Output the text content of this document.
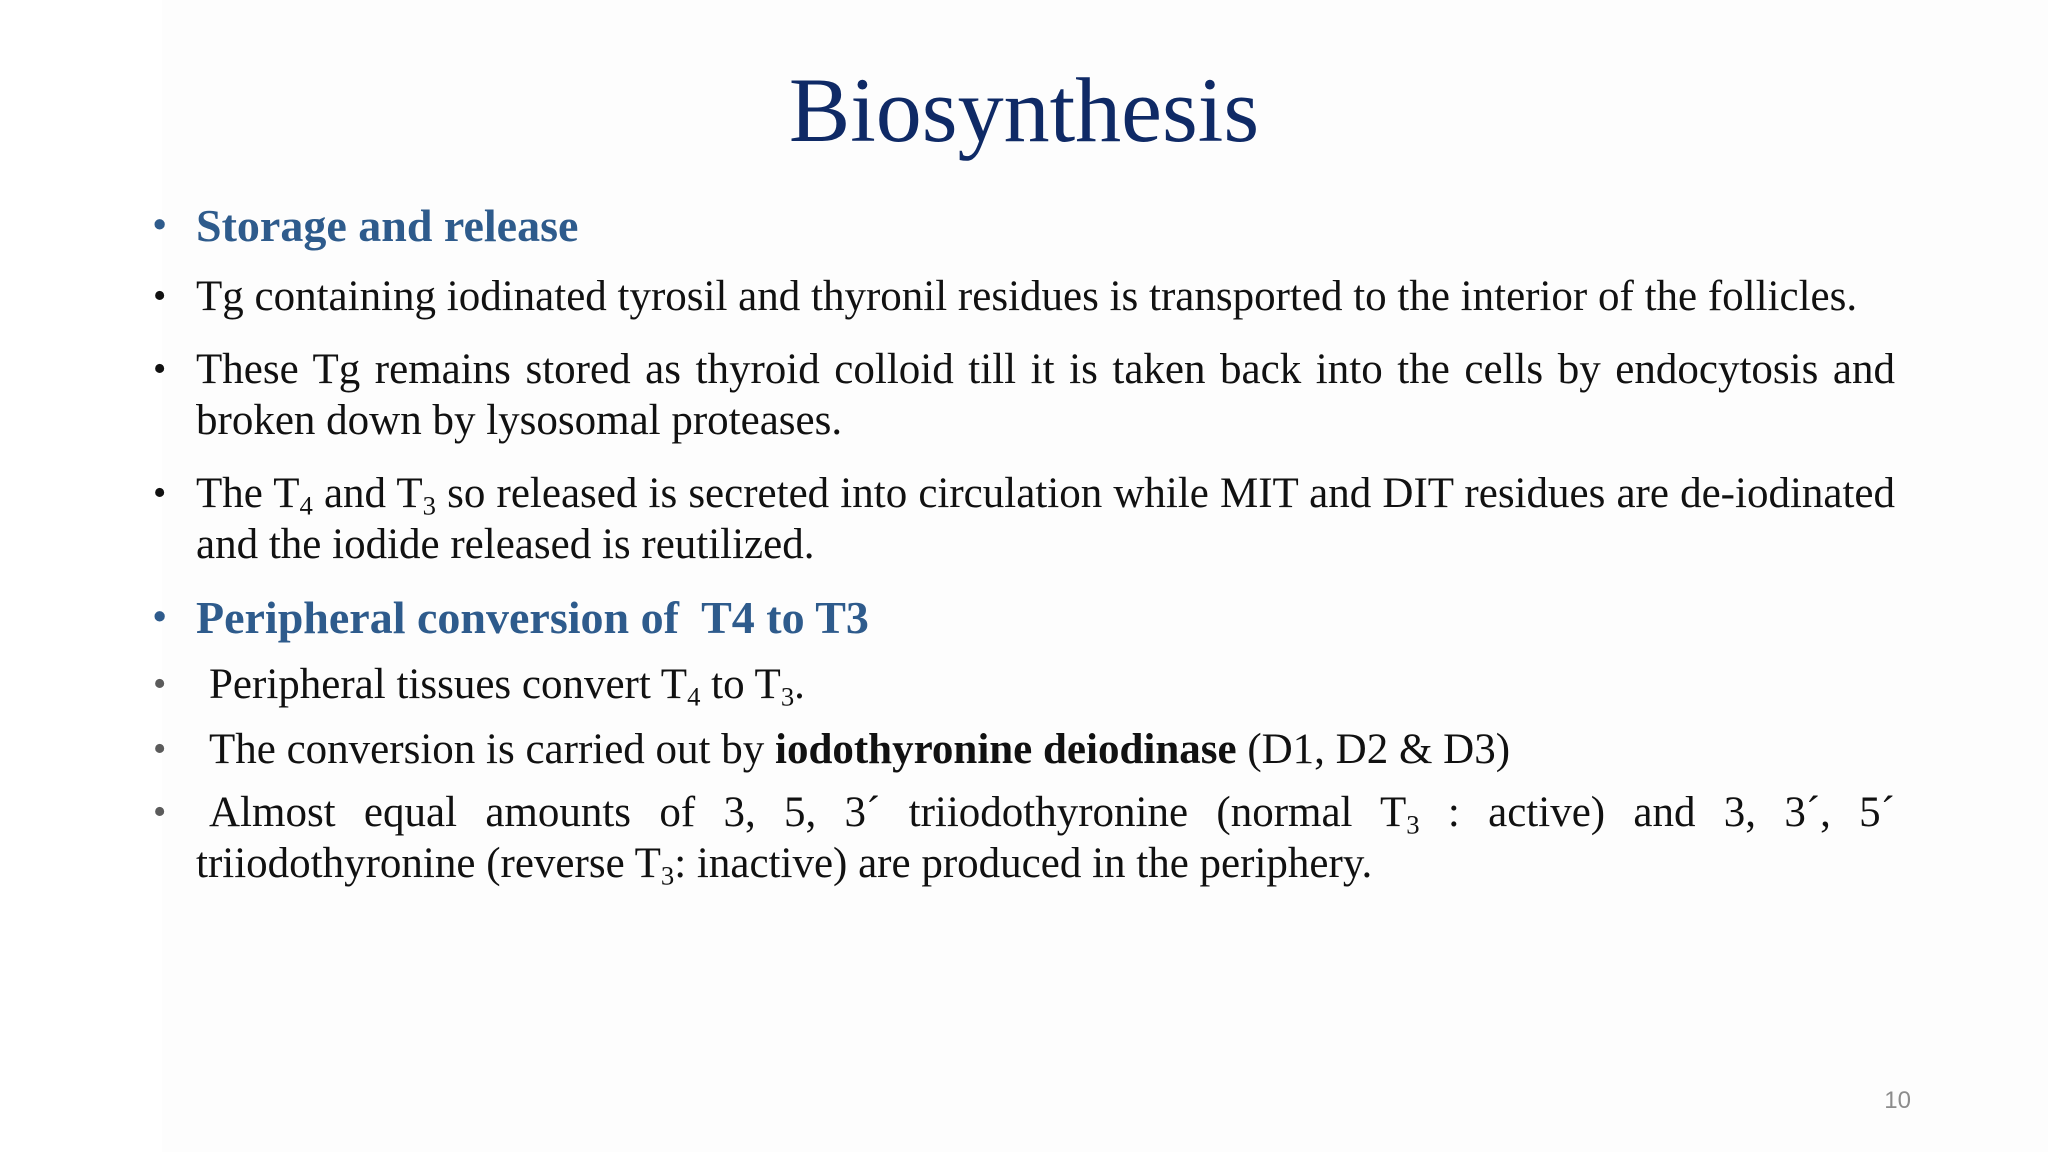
Biosynthesis
• Storage and release
• Tg containing iodinated tyrosil and thyronil residues is transported to the interior of the follicles.
• These Tg remains stored as thyroid colloid till it is taken back into the cells by endocytosis and broken down by lysosomal proteases.
• The $T_4$ and $T_3$ so released is secreted into circulation while MIT and DIT residues are de-iodinated and the iodide released is reutilized.
• Peripheral conversion of  T4 to T3
• Peripheral tissues convert $T_4$ to $T_3$.
• The conversion is carried out by iodothyronine deiodinase (D1, D2 & D3)
• Almost equal amounts of 3, 5, 3´ triiodothyronine (normal $T_3$ : active) and 3, 3´, 5´ triiodothyronine (reverse $T_3$: inactive) are produced in the periphery.
10
